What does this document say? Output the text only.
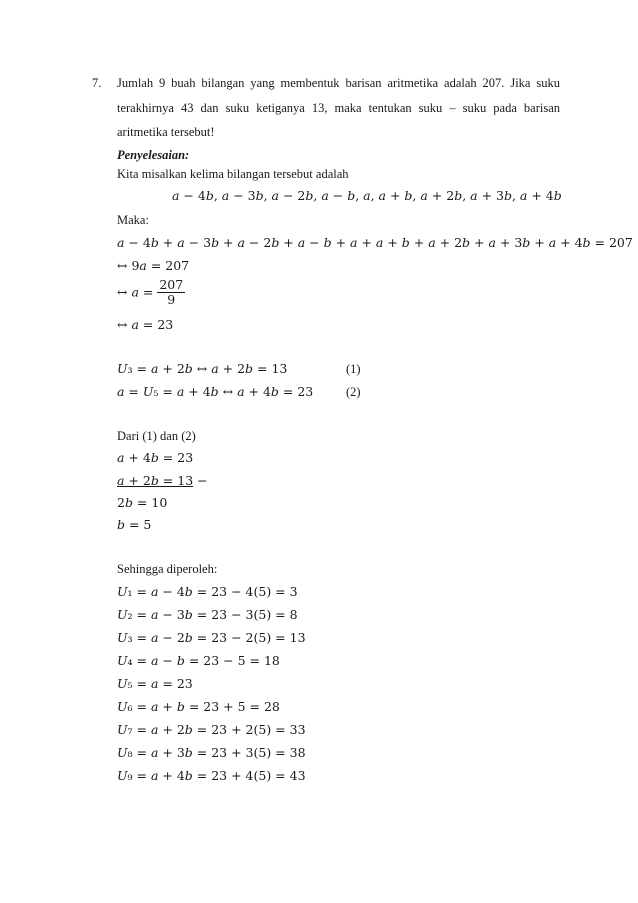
7. Jumlah 9 buah bilangan yang membentuk barisan aritmetika adalah 207. Jika suku
terakhirnya 43 dan suku ketiganya 13, maka tentukan suku – suku pada barisan
aritmetika tersebut!
Penyelesaian:
Kita misalkan kelima bilangan tersebut adalah
𝑎 − 4𝑏, 𝑎 − 3𝑏, 𝑎 − 2𝑏, 𝑎 − 𝑏, 𝑎, 𝑎 + 𝑏, 𝑎 + 2𝑏, 𝑎 + 3𝑏, 𝑎 + 4𝑏
Maka:
𝑎 − 4𝑏 + 𝑎 − 3𝑏 + 𝑎 − 2𝑏 + 𝑎 − 𝑏 + 𝑎 + 𝑎 + 𝑏 + 𝑎 + 2𝑏 + 𝑎 + 3𝑏 + 𝑎 + 4𝑏 = 207
↔ 9𝑎 = 207
↔ 𝑎 = $\frac{207}{9}$
↔ 𝑎 = 23
𝑈₃ = 𝑎 + 2𝑏 ↔ 𝑎 + 2𝑏 = 13	(1)
𝑎 = 𝑈₅ = 𝑎 + 4𝑏 ↔ 𝑎 + 4𝑏 = 23	(2)
Dari (1) dan (2)
𝑎 + 4𝑏 = 23
𝑎 + 2𝑏 = 13 −
2𝑏 = 10
𝑏 = 5
Sehingga diperoleh:
𝑈₁ = 𝑎 − 4𝑏 = 23 − 4(5) = 3
𝑈₂ = 𝑎 − 3𝑏 = 23 − 3(5) = 8
𝑈₃ = 𝑎 − 2𝑏 = 23 − 2(5) = 13
𝑈₄ = 𝑎 − 𝑏 = 23 − 5 = 18
𝑈₅ = 𝑎 = 23
𝑈₆ = 𝑎 + 𝑏 = 23 + 5 = 28
𝑈₇ = 𝑎 + 2𝑏 = 23 + 2(5) = 33
𝑈₈ = 𝑎 + 3𝑏 = 23 + 3(5) = 38
𝑈₉ = 𝑎 + 4𝑏 = 23 + 4(5) = 43
